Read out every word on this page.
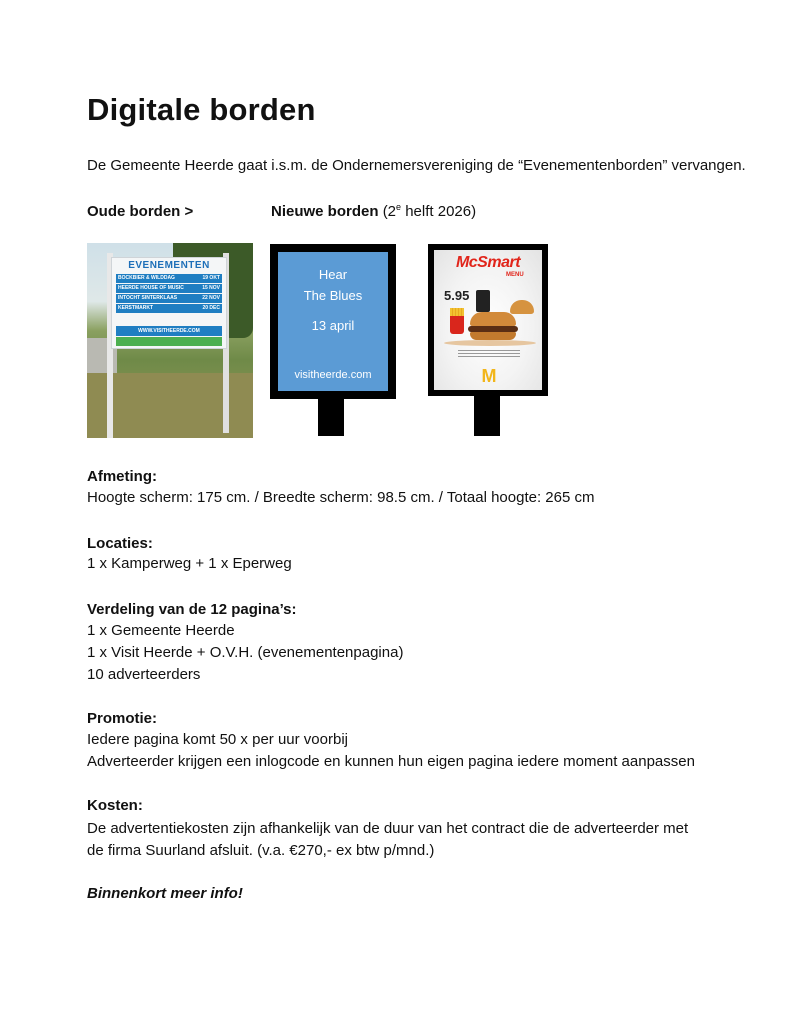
Digitale borden

De Gemeente Heerde gaat i.s.m. de Ondernemersvereniging de “Evenementenborden” vervangen.

Oude borden >	Nieuwe borden (2e helft 2026)
EVENEMENTEN
BOCKBIER & WILDDAG	19 OKT
HEERDE HOUSE OF MUSIC	15 NOV
INTOCHT SINTERKLAAS	22 NOV
KERSTMARKT	20 DEC
WWW.VISITHEERDE.COM
Hear
The Blues
13 april
visitheerde.com
McSmart
MENU
5.95
M

Afmeting:

Hoogte scherm: 175 cm. / Breedte scherm: 98.5 cm. / Totaal hoogte: 265 cm

Locaties:

1 x Kamperweg + 1 x Eperweg

Verdeling van de 12 pagina’s:

1 x Gemeente Heerde

1 x Visit Heerde + O.V.H. (evenementenpagina)

10 adverteerders

Promotie:

Iedere pagina komt 50 x per uur voorbij

Adverteerder krijgen een inlogcode en kunnen hun eigen pagina iedere moment aanpassen

Kosten:

De advertentiekosten zijn afhankelijk van de duur van het contract die de adverteerder met

de firma Suurland afsluit. (v.a. €270,- ex btw p/mnd.)

Binnenkort meer info!
